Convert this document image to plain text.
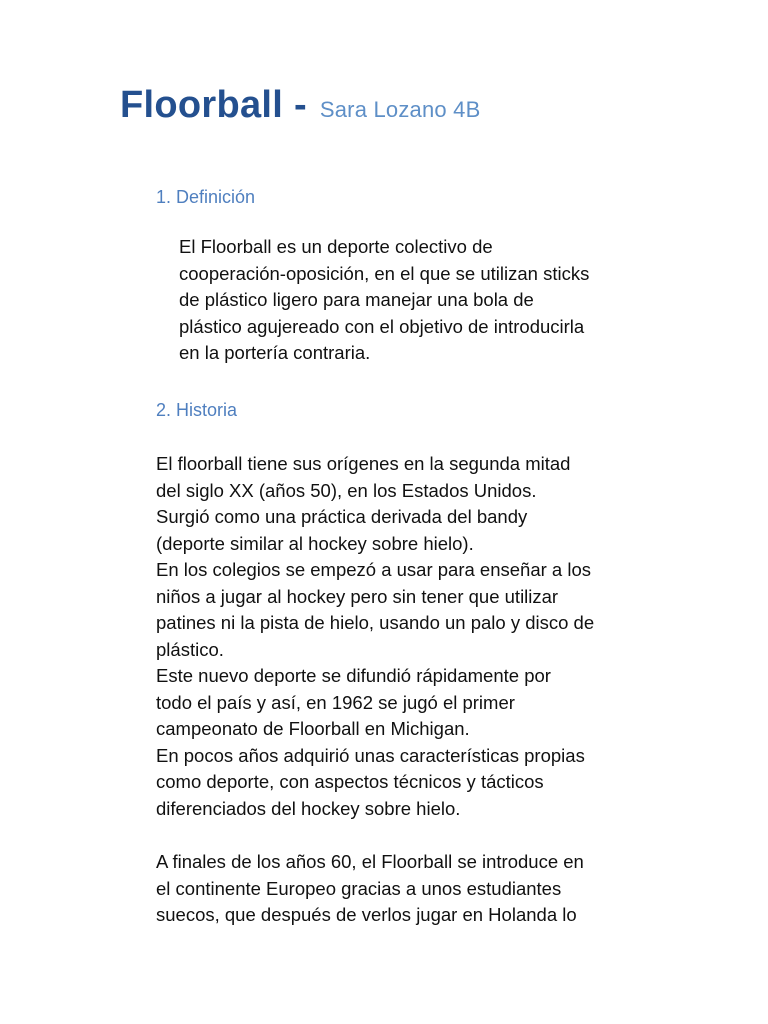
Floorball - Sara Lozano 4B
1. Definición

El Floorball es un deporte colectivo de
cooperación-oposición, en el que se utilizan sticks
de plástico ligero para manejar una bola de
plástico agujereado con el objetivo de introducirla
en la portería contraria.

2. Historia

El floorball tiene sus orígenes en la segunda mitad
del siglo XX (años 50), en los Estados Unidos.
Surgió como una práctica derivada del bandy
(deporte similar al hockey sobre hielo).
En los colegios se empezó a usar para enseñar a los
niños a jugar al hockey pero sin tener que utilizar
patines ni la pista de hielo, usando un palo y disco de
plástico.
Este nuevo deporte se difundió rápidamente por
todo el país y así, en 1962 se jugó el primer
campeonato de Floorball en Michigan.
En pocos años adquirió unas características propias
como deporte, con aspectos técnicos y tácticos
diferenciados del hockey sobre hielo.

A finales de los años 60, el Floorball se introduce en
el continente Europeo gracias a unos estudiantes
suecos, que después de verlos jugar en Holanda lo
